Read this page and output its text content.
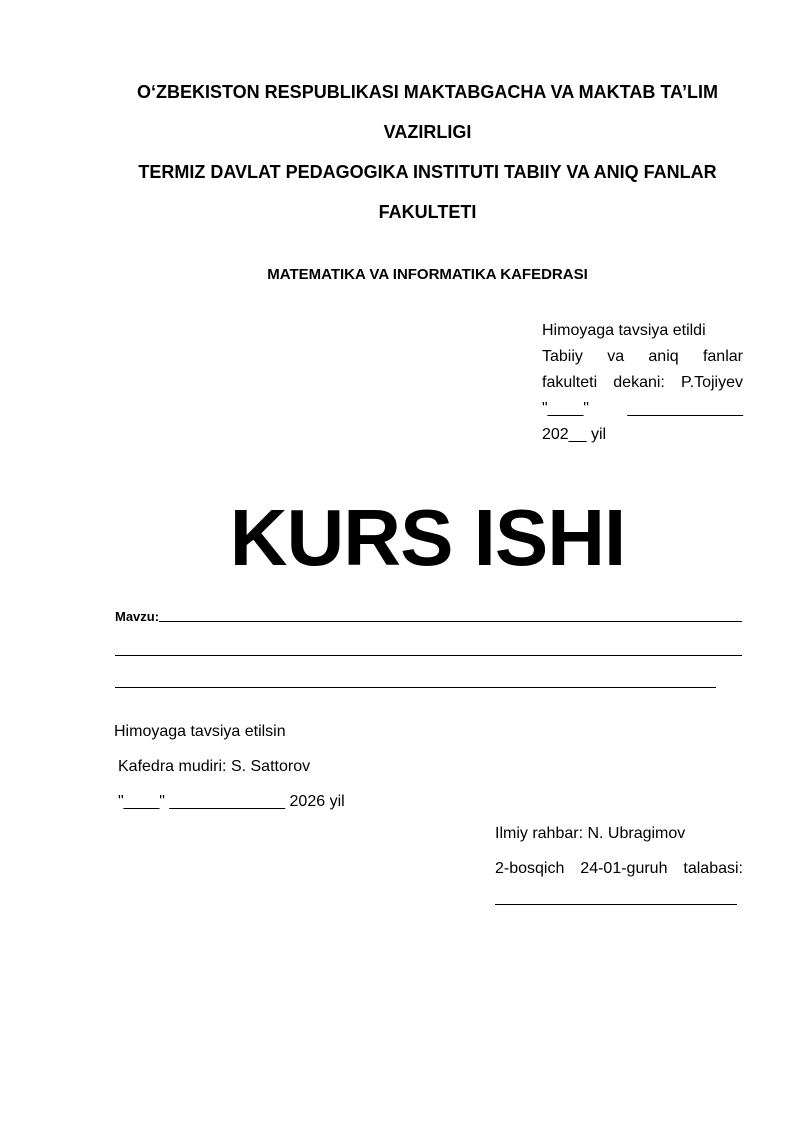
O‘ZBEKISTON RESPUBLIKASI MAKTABGACHA VA MAKTAB TA’LIM
VAZIRLIGI
TERMIZ DAVLAT PEDAGOGIKA INSTITUTI TABIIY VA ANIQ FANLAR
FAKULTETI
MATEMATIKA VA INFORMATIKA KAFEDRASI
Himoyaga tavsiya etildi
Tabiiy va aniq fanlar
fakulteti dekani: P.Tojiyev
"____" _____________
202__ yil
KURS ISHI
Mavzu:
Himoyaga tavsiya etilsin
Kafedra mudiri: S. Sattorov
"____" _____________ 2026 yil
Ilmiy rahbar: N. Ubragimov
2-bosqich 24-01-guruh talabasi:
